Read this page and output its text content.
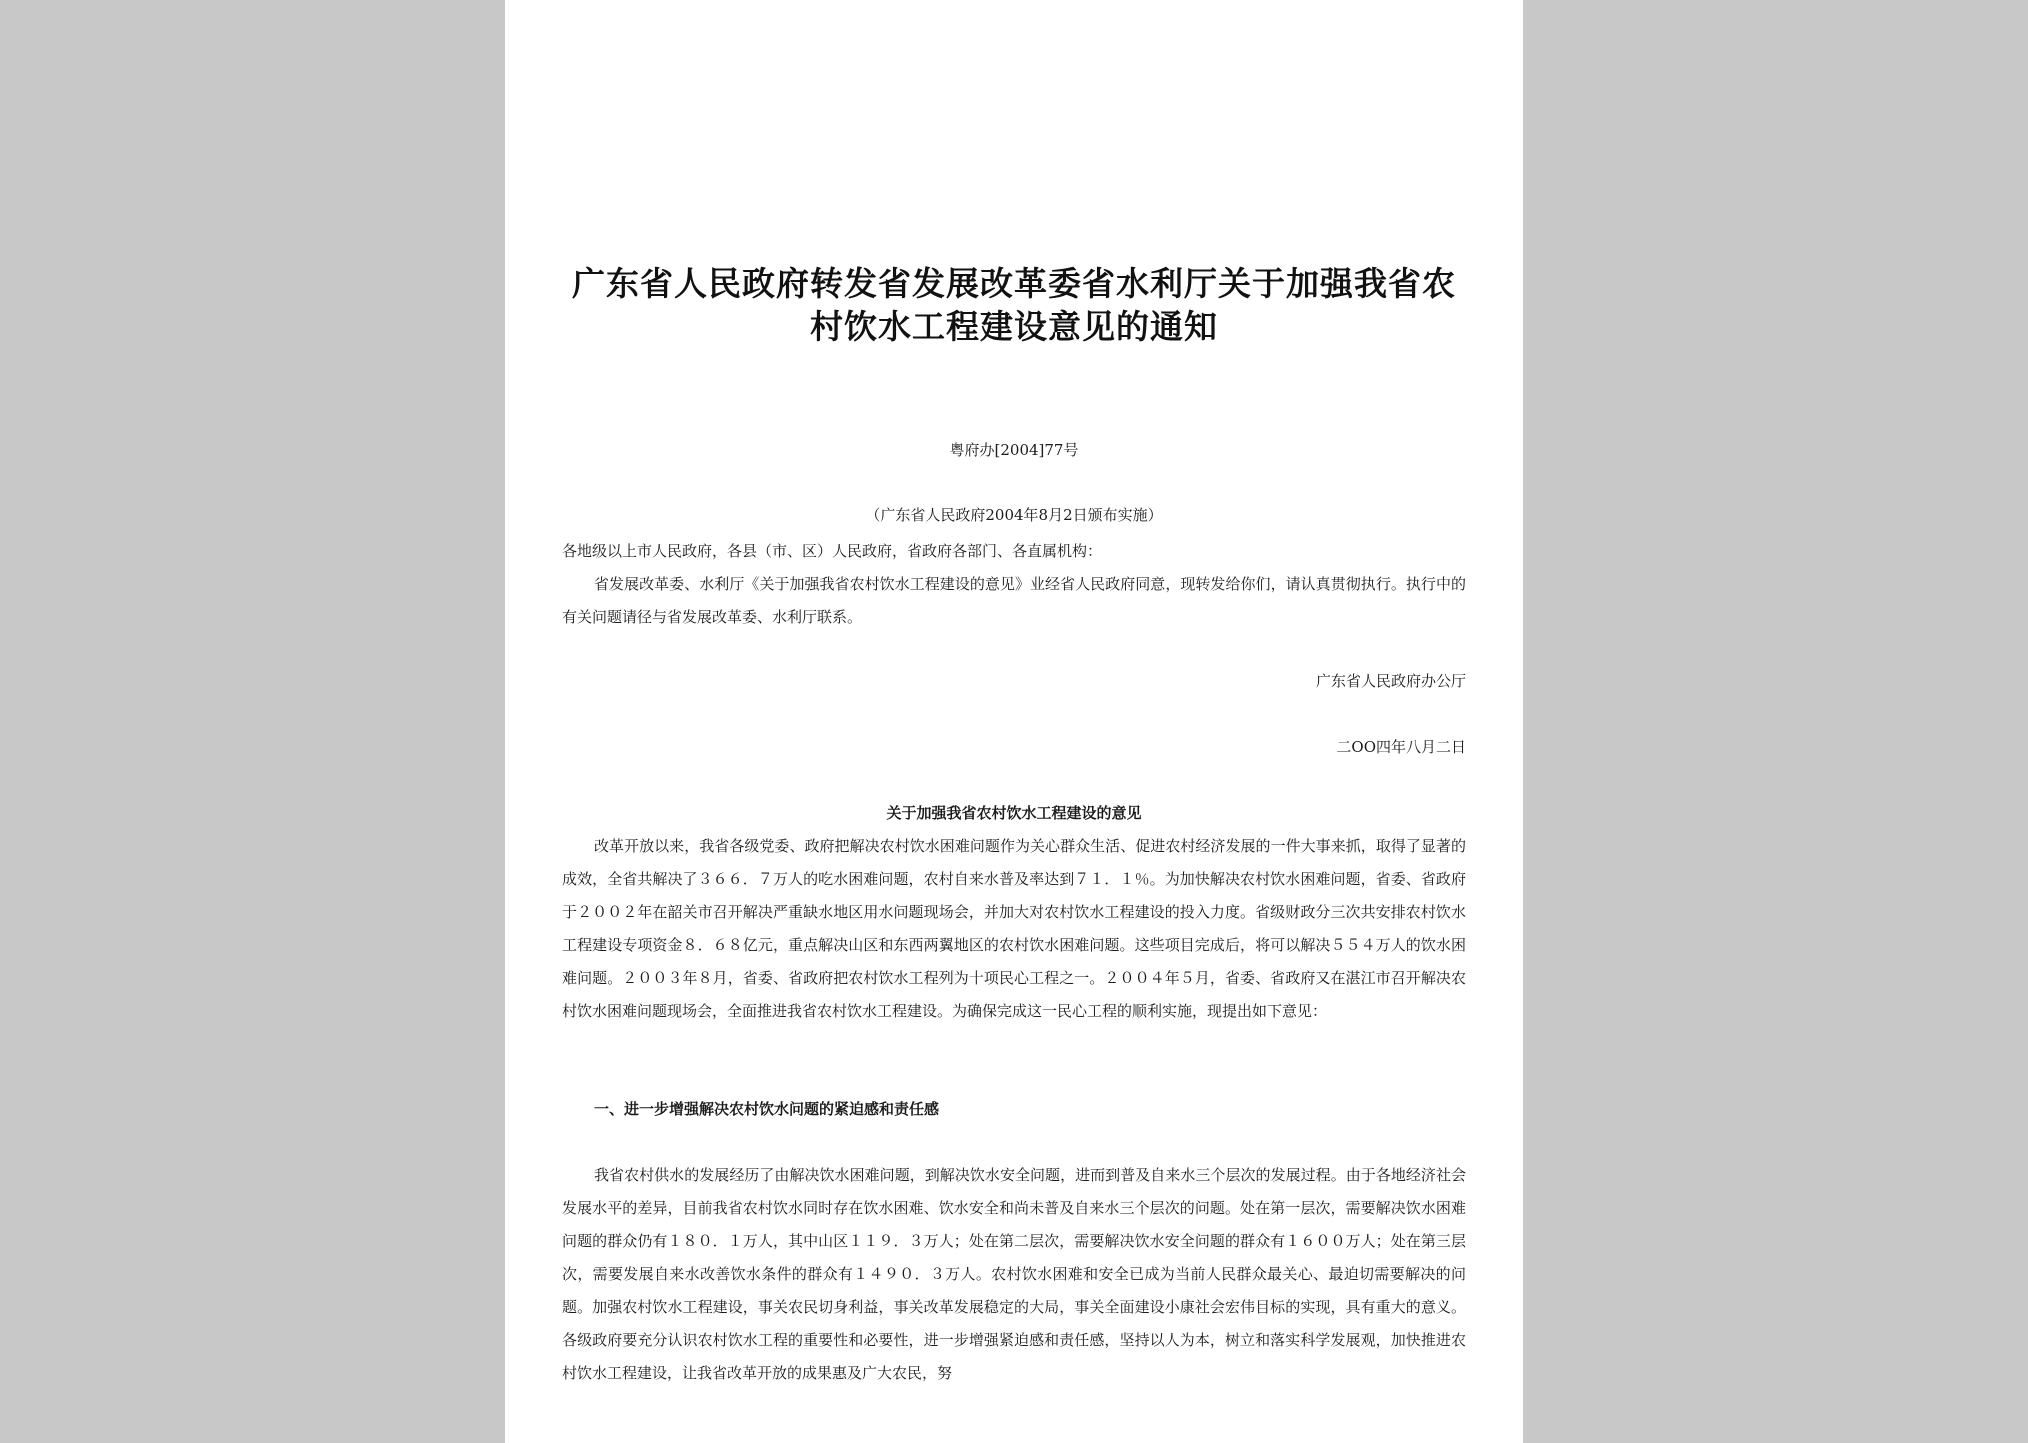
广东省人民政府转发省发展改革委省水利厅关于加强我省农村饮水工程建设意见的通知
粤府办[2004]77号
（广东省人民政府2004年8月2日颁布实施）
各地级以上市人民政府，各县（市、区）人民政府，省政府各部门、各直属机构：
省发展改革委、水利厅《关于加强我省农村饮水工程建设的意见》业经省人民政府同意，现转发给你们，请认真贯彻执行。执行中的有关问题请径与省发展改革委、水利厅联系。
广东省人民政府办公厅
二OO四年八月二日
关于加强我省农村饮水工程建设的意见
改革开放以来，我省各级党委、政府把解决农村饮水困难问题作为关心群众生活、促进农村经济发展的一件大事来抓，取得了显著的成效，全省共解决了３６６．７万人的吃水困难问题，农村自来水普及率达到７１．１％。为加快解决农村饮水困难问题，省委、省政府于２００２年在韶关市召开解决严重缺水地区用水问题现场会，并加大对农村饮水工程建设的投入力度。省级财政分三次共安排农村饮水工程建设专项资金８．６８亿元，重点解决山区和东西两翼地区的农村饮水困难问题。这些项目完成后，将可以解决５５４万人的饮水困难问题。２００３年８月，省委、省政府把农村饮水工程列为十项民心工程之一。２００４年５月，省委、省政府又在湛江市召开解决农村饮水困难问题现场会，全面推进我省农村饮水工程建设。为确保完成这一民心工程的顺利实施，现提出如下意见：
一、进一步增强解决农村饮水问题的紧迫感和责任感
我省农村供水的发展经历了由解决饮水困难问题，到解决饮水安全问题，进而到普及自来水三个层次的发展过程。由于各地经济社会发展水平的差异，目前我省农村饮水同时存在饮水困难、饮水安全和尚未普及自来水三个层次的问题。处在第一层次，需要解决饮水困难问题的群众仍有１８０．１万人，其中山区１１９．３万人；处在第二层次，需要解决饮水安全问题的群众有１６００万人；处在第三层次，需要发展自来水改善饮水条件的群众有１４９０．３万人。农村饮水困难和安全已成为当前人民群众最关心、最迫切需要解决的问题。加强农村饮水工程建设，事关农民切身利益，事关改革发展稳定的大局，事关全面建设小康社会宏伟目标的实现，具有重大的意义。各级政府要充分认识农村饮水工程的重要性和必要性，进一步增强紧迫感和责任感，坚持以人为本，树立和落实科学发展观，加快推进农村饮水工程建设，让我省改革开放的成果惠及广大农民，努
